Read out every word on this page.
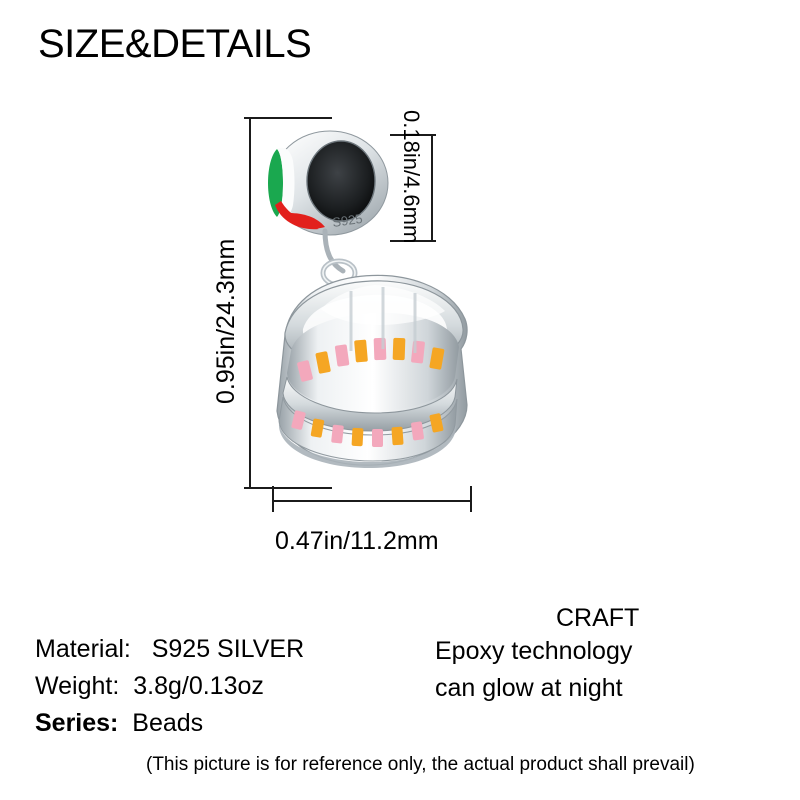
SIZE&DETAILS
0.95in/24.3mm
0.47in/11.2mm
0.18in/4.6mm
S925
Material: S925 SILVER
Weight: 3.8g/0.13oz
Series: Beads
CRAFT
Epoxy technology
can glow at night
(This picture is for reference only, the actual product shall prevail)
